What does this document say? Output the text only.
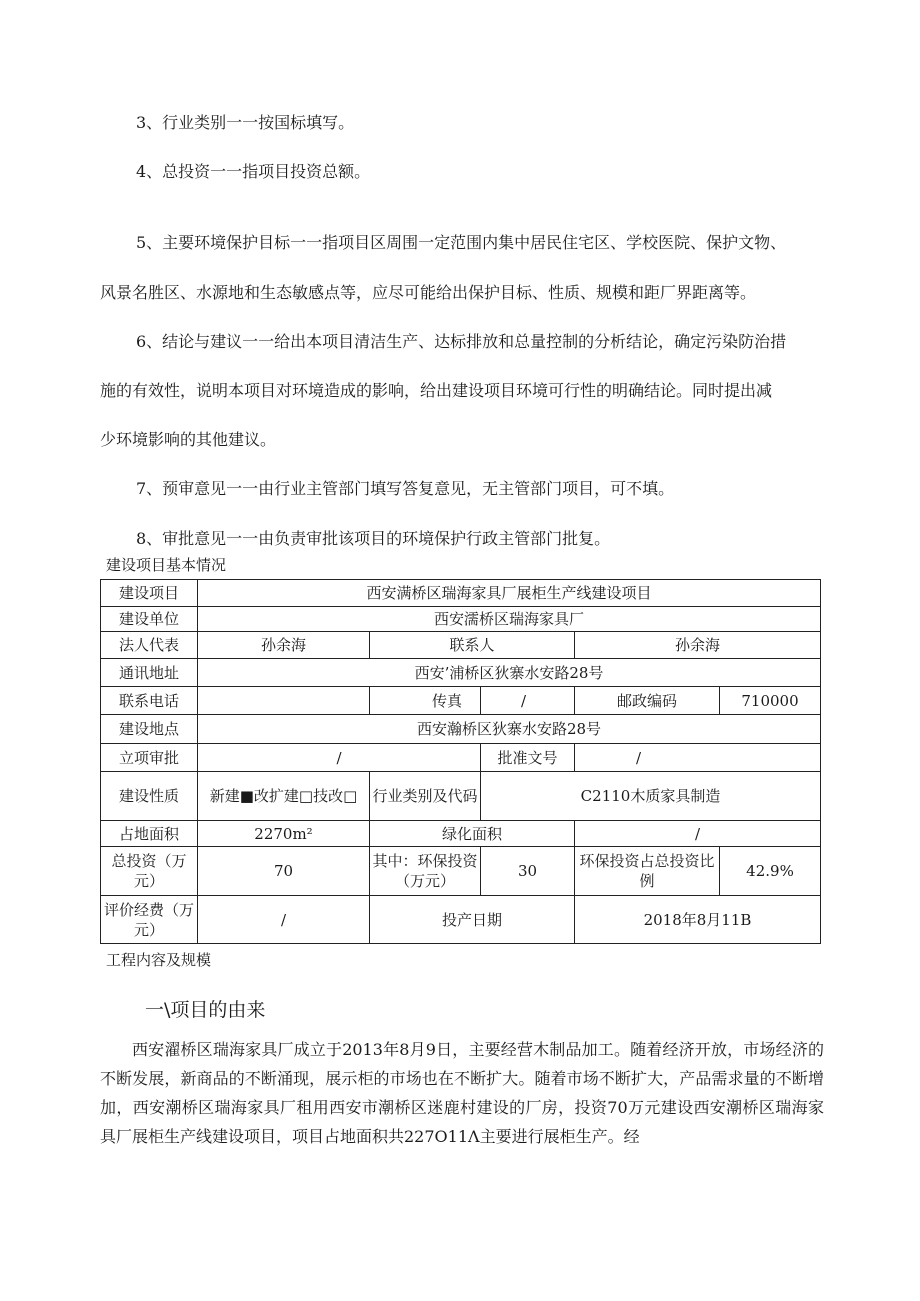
3、行业类别一一按国标填写。
4、总投资一一指项目投资总额。
5、主要环境保护目标一一指项目区周围一定范围内集中居民住宅区、学校医院、保护文物、
风景名胜区、水源地和生态敏感点等，应尽可能给出保护目标、性质、规模和距厂界距离等。
6、结论与建议一一给出本项目清洁生产、达标排放和总量控制的分析结论，确定污染防治措
施的有效性，说明本项目对环境造成的影响，给出建设项目环境可行性的明确结论。同时提出减
少环境影响的其他建议。
7、预审意见一一由行业主管部门填写答复意见，无主管部门项目，可不填。
8、审批意见一一由负责审批该项目的环境保护行政主管部门批复。
建设项目基本情况
建设项目	西安满桥区瑞海家具厂展柜生产线建设项目				
建设单位	西安濡桥区瑞海家具厂				
法人代表	孙余海	联系人		孙余海	
通讯地址	西安’浦桥区狄寨水安路28号				
联系电话		传真	/	邮政编码	710000
建设地点	西安瀚桥区狄寨水安路28号				
立项审批	/		批准文号	/	
建设性质	新建■改扩建□技改□	行业类别及代码	C2110木质家具制造		
占地面积	2270m²	绿化面积		/	
总投资（万元）	70	其中：环保投资（万元）	30	环保投资占总投资比例	42.9%
评价经费（万元）	/	投产日期		2018年8月11B	
工程内容及规模
一\项目的由来
西安濯桥区瑞海家具厂成立于2013年8月9日，主要经营木制品加工。随着经济开放，市场经济的不断发展，新商品的不断涌现，展示柜的市场也在不断扩大。随着市场不断扩大，产品需求量的不断增加，西安潮桥区瑞海家具厂租用西安市潮桥区迷鹿村建设的厂房，投资70万元建设西安潮桥区瑞海家具厂展柜生产线建设项目，项目占地面积共227O11Λ主要进行展柜生产。经
